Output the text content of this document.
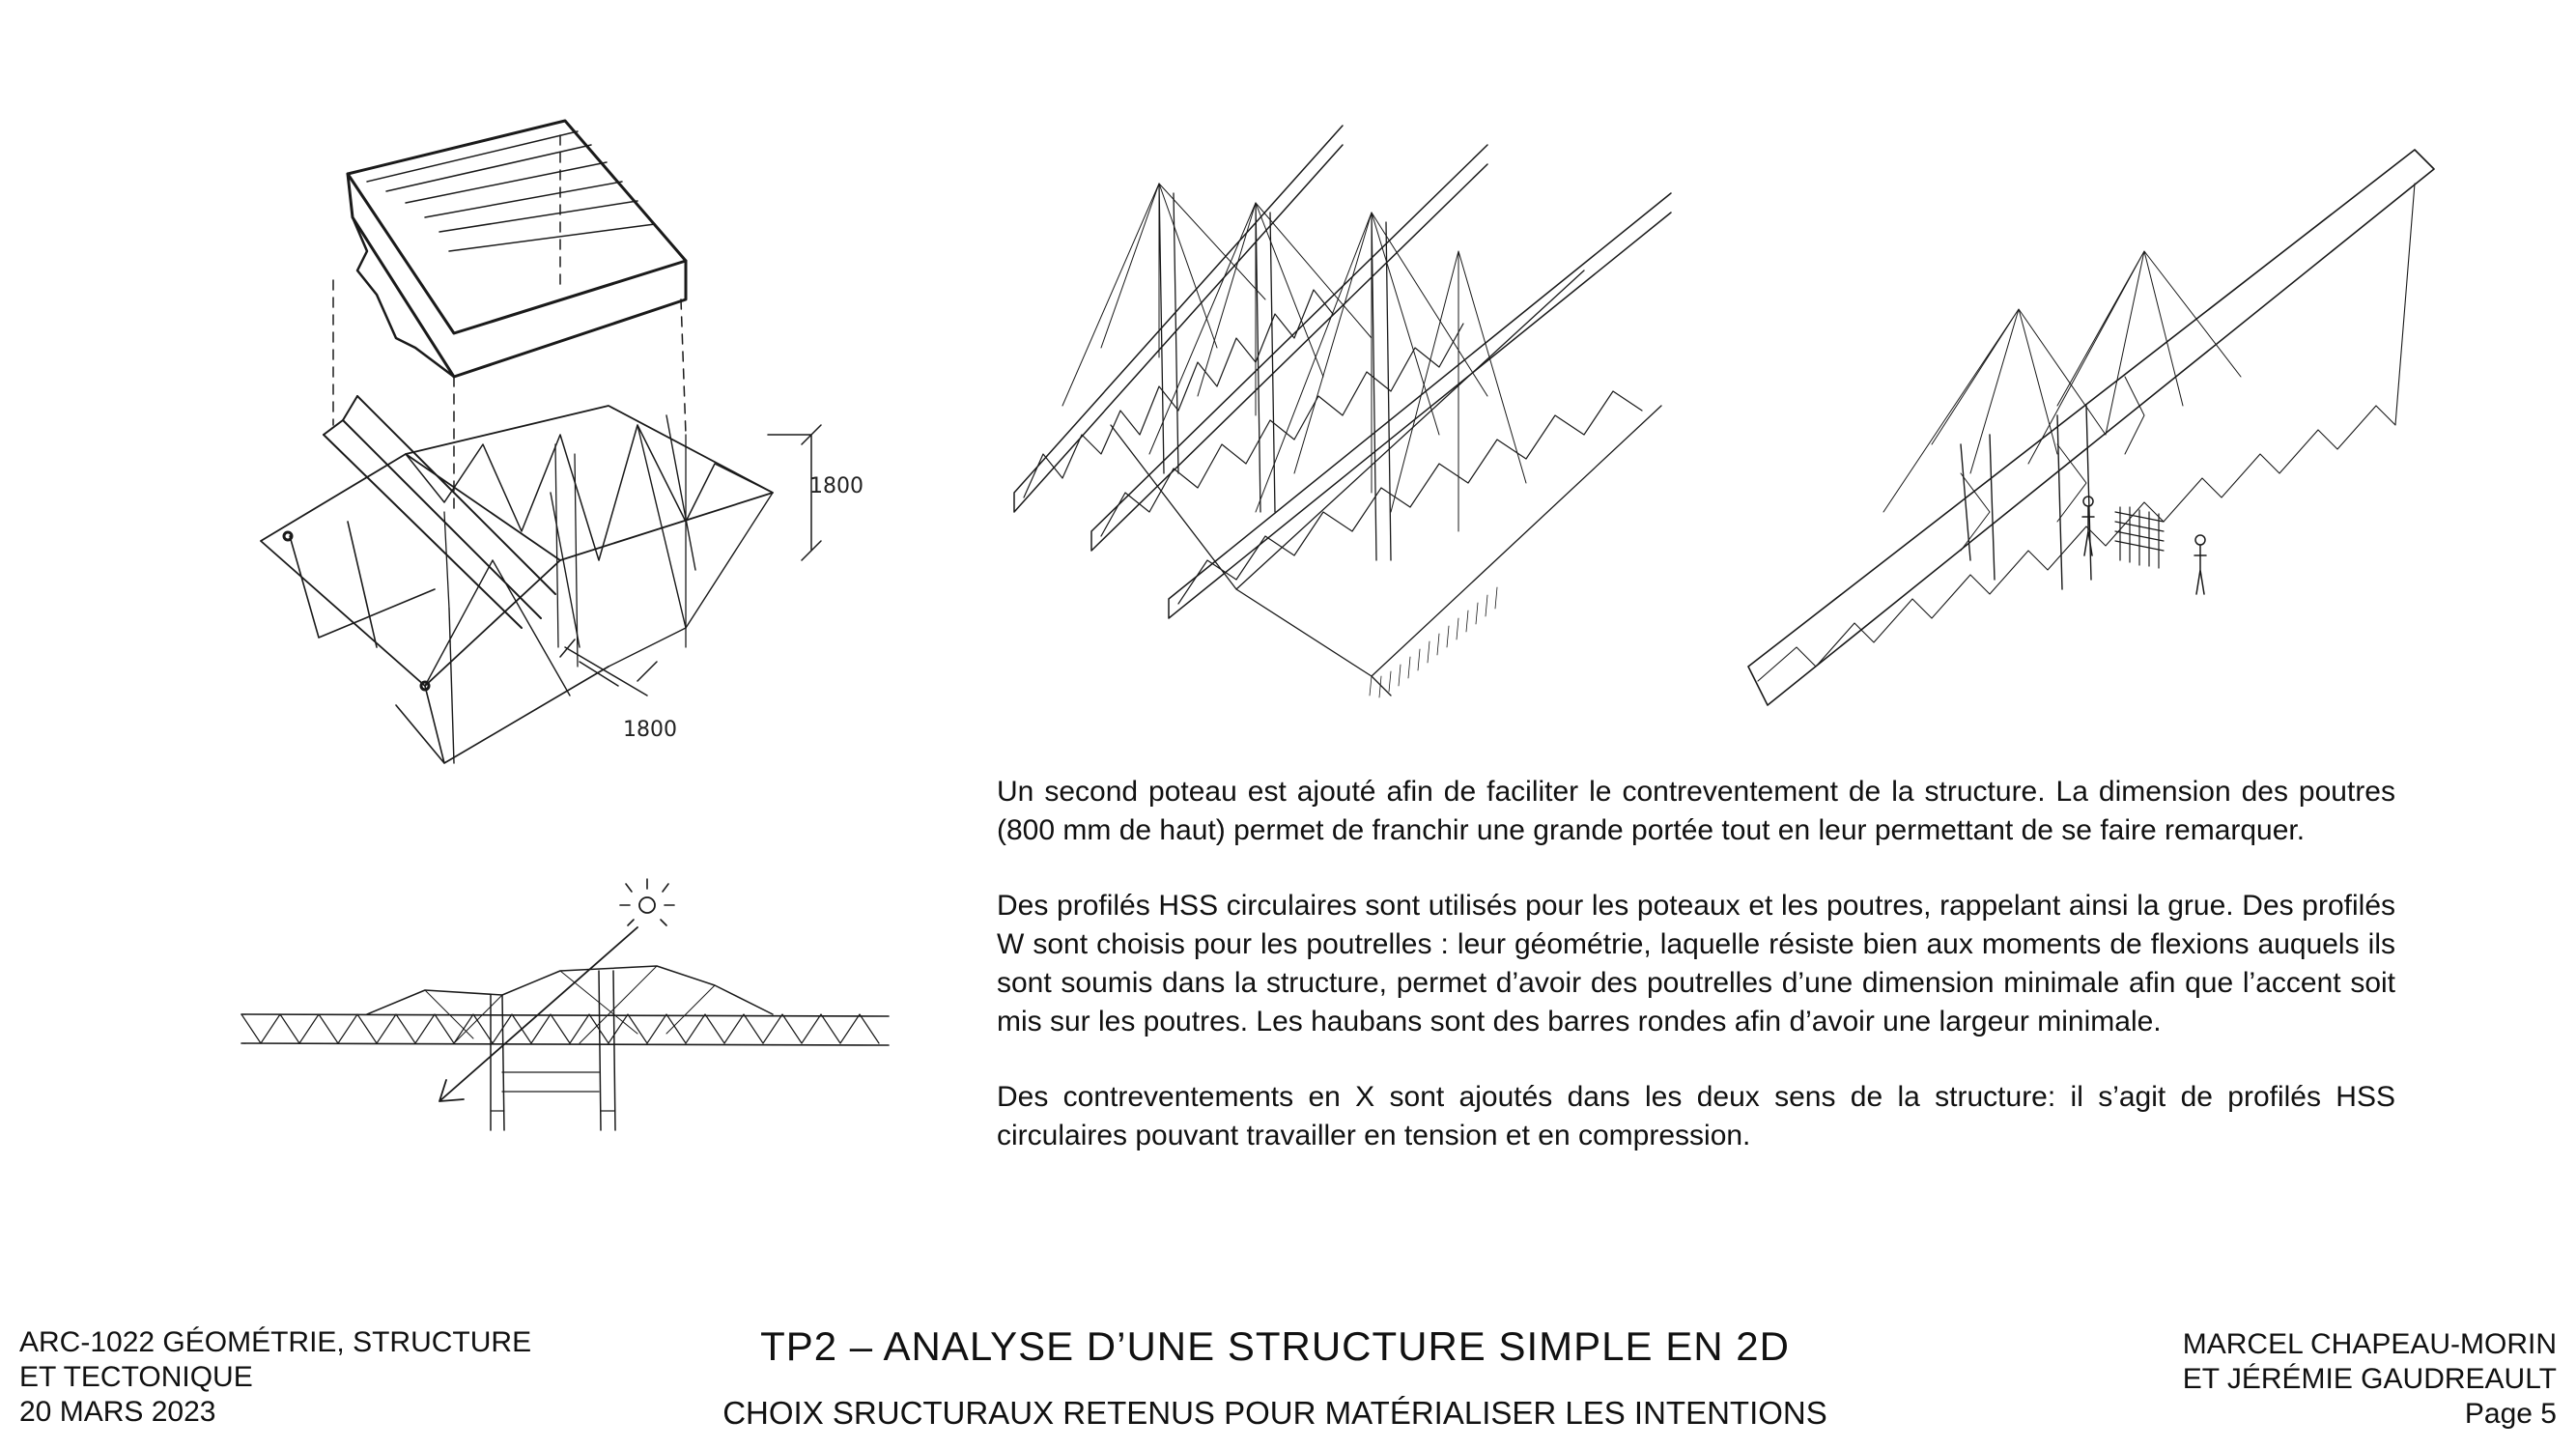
1800
1800

Un second poteau est ajouté afin de faciliter le contreventement de la structure. La dimension des poutres (800 mm de haut) permet de franchir une grande portée tout en leur permettant de se faire remarquer.

Des profilés HSS circulaires sont utilisés pour les poteaux et les poutres, rappelant ainsi la grue. Des profilés W sont choisis pour les poutrelles : leur géométrie, laquelle résiste bien aux moments de flexions auquels ils sont soumis dans la structure, permet d’avoir des poutrelles d’une dimension minimale afin que l’accent soit mis sur les poutres. Les haubans sont des barres rondes afin d’avoir une largeur minimale.

Des contreventements en X sont ajoutés dans les deux sens de la structure: il s’agit de profilés HSS circulaires pouvant travailler en tension et en compression.

ARC-1022 GÉOMÉTRIE, STRUCTURE
ET TECTONIQUE
20 MARS 2023
TP2 – ANALYSE D’UNE STRUCTURE SIMPLE EN 2D
CHOIX SRUCTURAUX RETENUS POUR MATÉRIALISER LES INTENTIONS
MARCEL CHAPEAU-MORIN
ET JÉRÉMIE GAUDREAULT
Page 5
